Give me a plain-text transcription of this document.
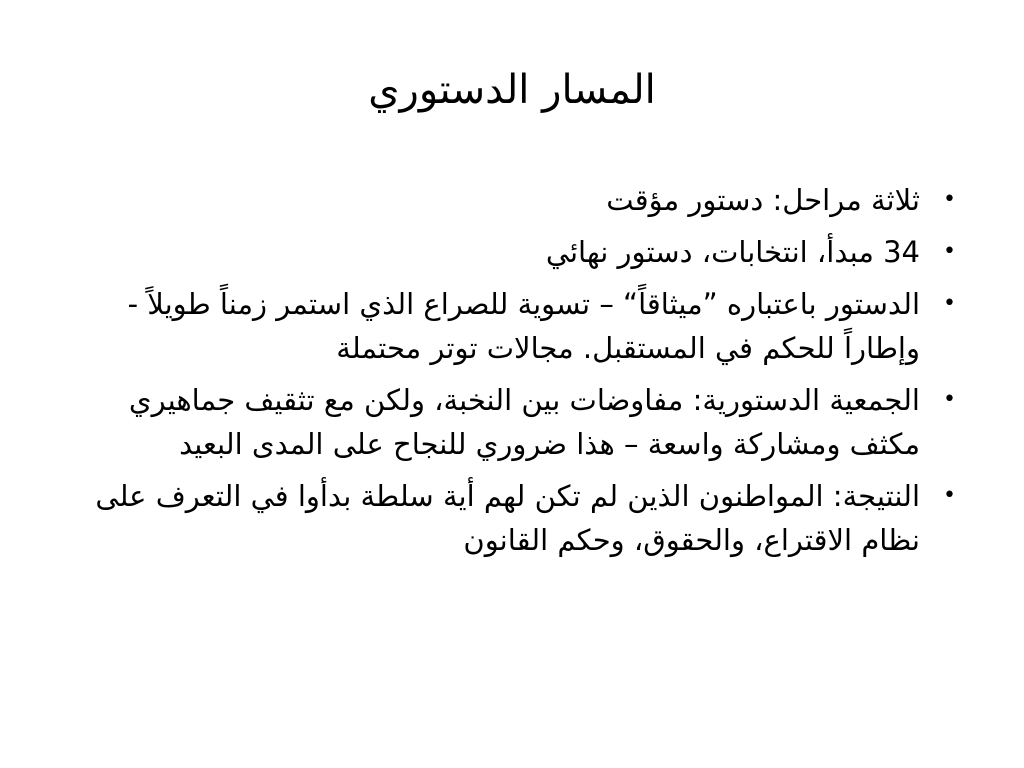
المسار الدستوري
•
ثلاثة مراحل: دستور مؤقت
•
34 مبدأ، انتخابات، دستور نهائي
•
الدستور باعتباره ”ميثاقاً“ – تسوية للصراع الذي استمر زمناً طويلاً - وإطاراً للحكم في المستقبل. مجالات توتر محتملة
•
الجمعية الدستورية: مفاوضات بين النخبة، ولكن مع تثقيف جماهيري مكثف ومشاركة واسعة – هذا ضروري للنجاح على المدى البعيد
•
النتيجة: المواطنون الذين لم تكن لهم أية سلطة بدأوا في التعرف على نظام الاقتراع، والحقوق، وحكم القانون
